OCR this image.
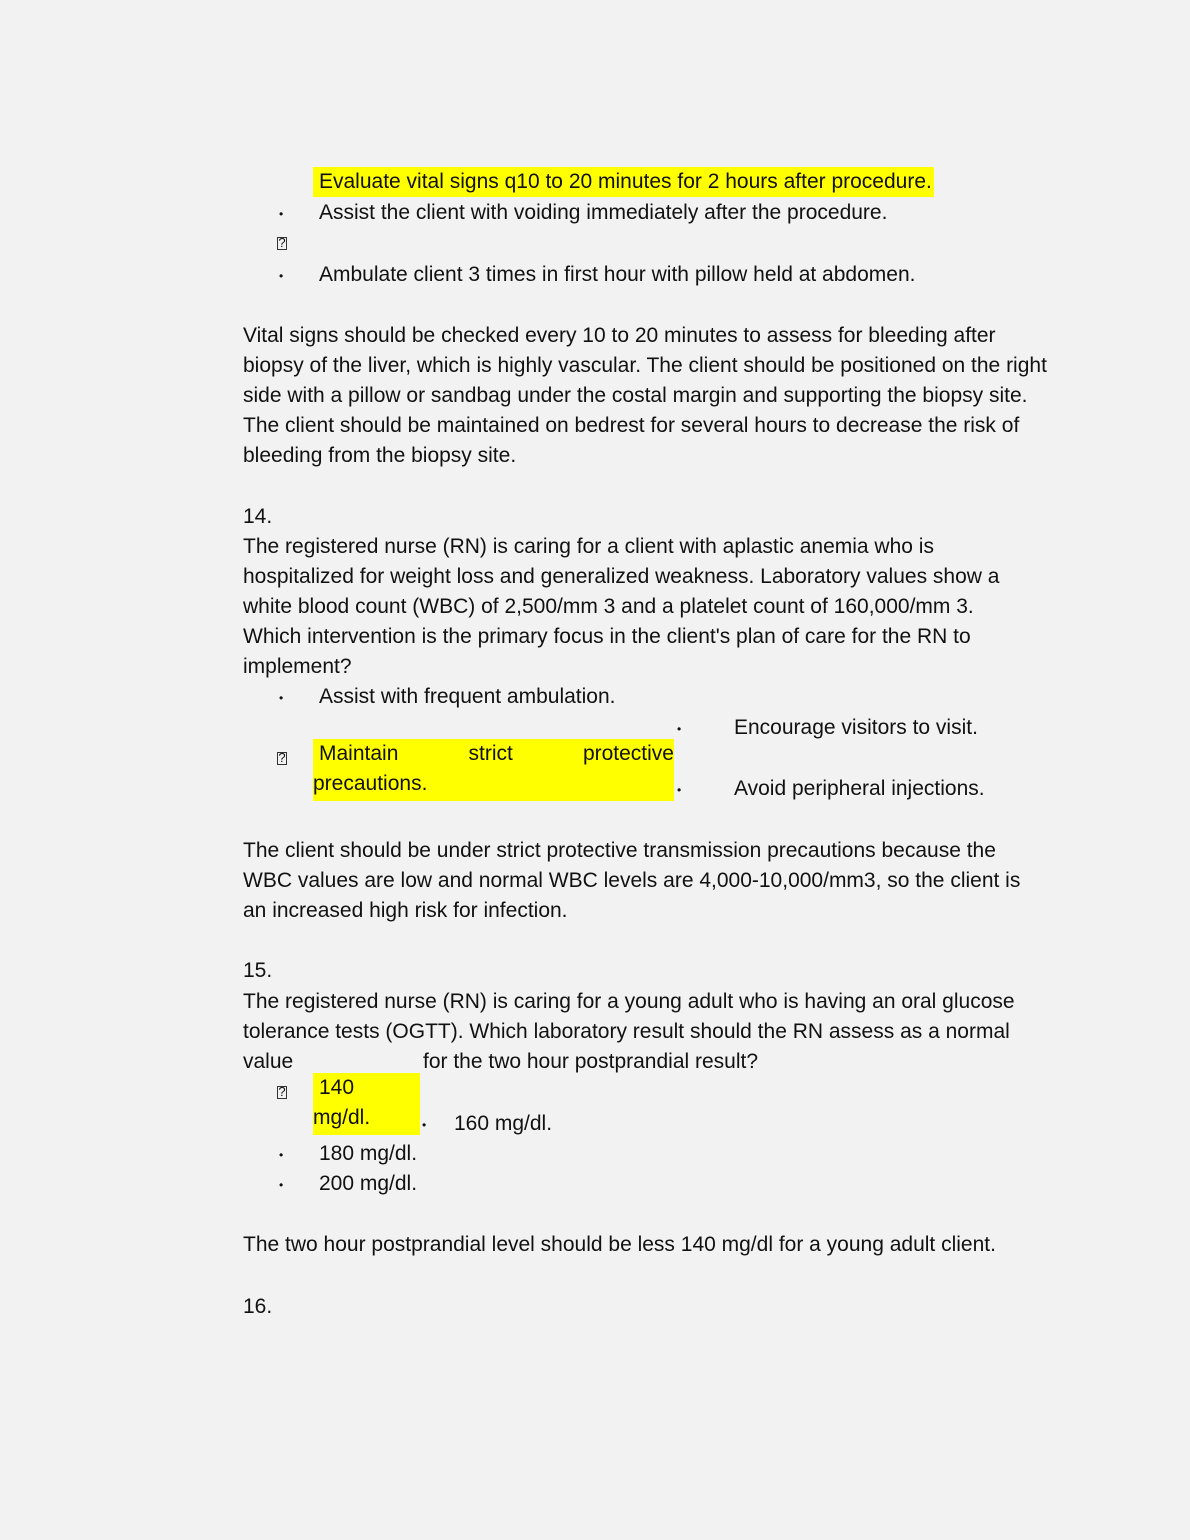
Evaluate vital signs q10 to 20 minutes for 2 hours after procedure.
• Assist the client with voiding immediately after the procedure.
?
• Ambulate client 3 times in first hour with pillow held at abdomen.
Vital signs should be checked every 10 to 20 minutes to assess for bleeding after biopsy of the liver, which is highly vascular. The client should be positioned on the right side with a pillow or sandbag under the costal margin and supporting the biopsy site. The client should be maintained on bedrest for several hours to decrease the risk of bleeding from the biopsy site.
14.
The registered nurse (RN) is caring for a client with aplastic anemia who is hospitalized for weight loss and generalized weakness. Laboratory values show a white blood count (WBC) of 2,500/mm 3 and a platelet count of 160,000/mm 3. Which intervention is the primary focus in the client's plan of care for the RN to implement?
• Assist with frequent ambulation.
•	Encourage visitors to visit.
? Maintain	strict	protective
precautions.	•	Avoid peripheral injections.
The client should be under strict protective transmission precautions because the WBC values are low and normal WBC levels are 4,000-10,000/mm3, so the client is an increased high risk for infection.
15.
The registered nurse (RN) is caring for a young adult who is having an oral glucose
tolerance tests (OGTT). Which laboratory result should the RN assess as a normal
value	for the two hour postprandial result?
? 140
mg/dl.	• 160 mg/dl.
• 180 mg/dl.
• 200 mg/dl.
The two hour postprandial level should be less 140 mg/dl for a young adult client.
16.
